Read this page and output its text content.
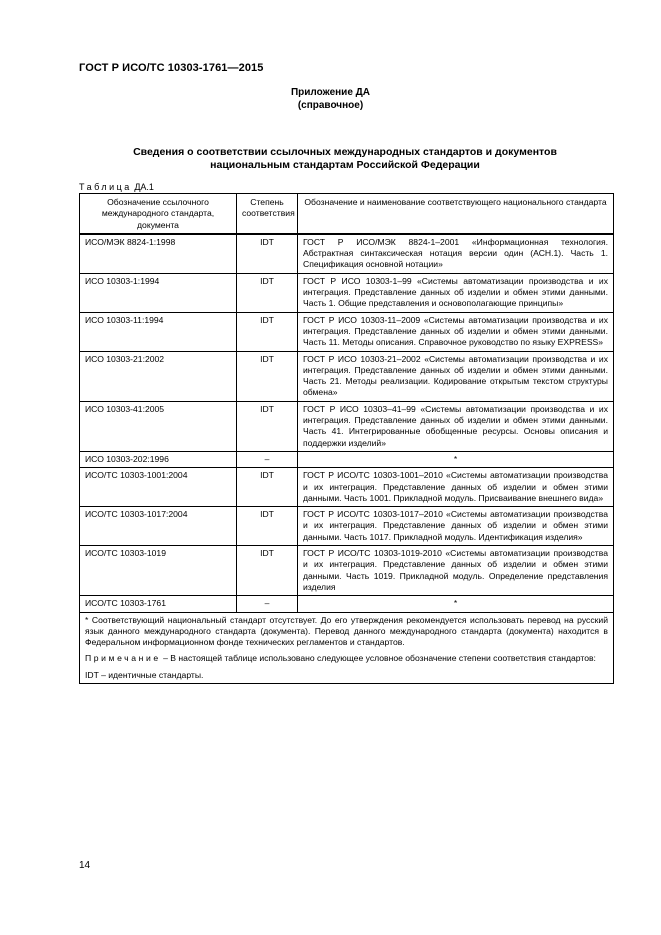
ГОСТ Р ИСО/ТС 10303-1761—2015
Приложение ДА
(справочное)
Сведения о соответствии ссылочных международных стандартов и документов
национальным стандартам Российской Федерации
Таблица ДА.1
Обозначение ссылочного международного стандарта, документа	Степень соответствия	Обозначение и наименование соответствующего национального стандарта
ИСО/МЭК 8824-1:1998	IDT	ГОСТ Р ИСО/МЭК 8824-1–2001 «Информационная технология. Абстрактная синтаксическая нотация версии один (АСН.1). Часть 1. Спецификация основной нотации»
ИСО 10303-1:1994	IDT	ГОСТ Р ИСО 10303-1–99 «Системы автоматизации производства и их интеграция. Представление данных об изделии и обмен этими данными. Часть 1. Общие представления и основополагающие принципы»
ИСО 10303-11:1994	IDT	ГОСТ Р ИСО 10303-11–2009 «Системы автоматизации производства и их интеграция. Представление данных об изделии и обмен этими данными. Часть 11. Методы описания. Справочное руководство по языку EXPRESS»
ИСО 10303-21:2002	IDT	ГОСТ Р ИСО 10303-21–2002 «Системы автоматизации производства и их интеграция. Представление данных об изделии и обмен этими данными. Часть 21. Методы реализации. Кодирование открытым текстом структуры обмена»
ИСО 10303-41:2005	IDT	ГОСТ Р ИСО 10303–41–99 «Системы автоматизации производства и их интеграция. Представление данных об изделии и обмен этими данными. Часть 41. Интегрированные обобщенные ресурсы. Основы описания и поддержки изделий»
ИСО 10303-202:1996	–	*
ИСО/ТС 10303-1001:2004	IDT	ГОСТ Р ИСО/ТС 10303-1001–2010 «Системы автоматизации производства и их интеграция. Представление данных об изделии и обмен этими данными. Часть 1001. Прикладной модуль. Присваивание внешнего вида»
ИСО/ТС 10303-1017:2004	IDT	ГОСТ Р ИСО/ТС 10303-1017–2010 «Системы автоматизации производства и их интеграция. Представление данных об изделии и обмен этими данными. Часть 1017. Прикладной модуль. Идентификация изделия»
ИСО/ТС 10303-1019	IDT	ГОСТ Р ИСО/ТС 10303-1019-2010 «Системы автоматизации производства и их интеграция. Представление данных об изделии и обмен этими данными. Часть 1019. Прикладной модуль. Определение представления изделия
ИСО/ТС 10303-1761	–	*

* Соответствующий национальный стандарт отсутствует. До его утверждения рекомендуется использовать перевод на русский язык данного международного стандарта (документа). Перевод данного международного стандарта (документа) находится в Федеральном информационном фонде технических регламентов и стандартов.

Примечание – В настоящей таблице использовано следующее условное обозначение степени соответствия стандартов:

IDT – идентичные стандарты.		

14
